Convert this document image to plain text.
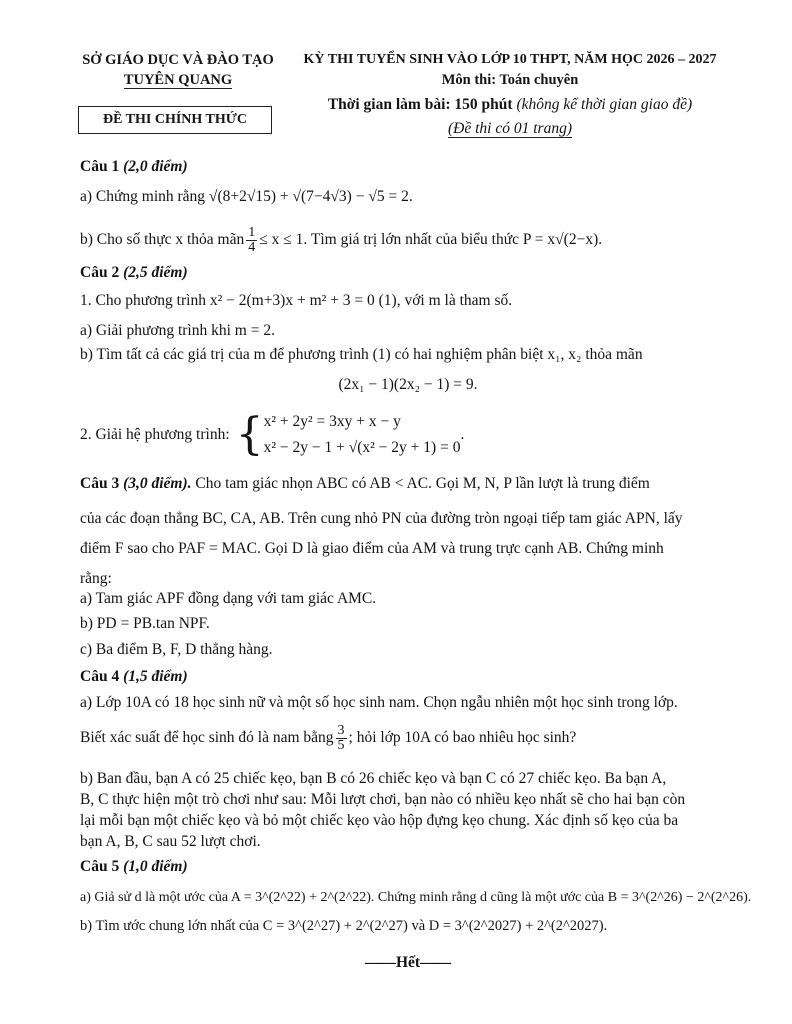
SỞ GIÁO DỤC VÀ ĐÀO TẠO
TUYÊN QUANG
ĐỀ THI CHÍNH THỨC
KỲ THI TUYỂN SINH VÀO LỚP 10 THPT, NĂM HỌC 2026 – 2027
Môn thi: Toán chuyên
Thời gian làm bài: 150 phút (không kể thời gian giao đề)
(Đề thi có 01 trang)
Câu 1 (2,0 điểm)
a) Chứng minh rằng √(8+2√15) + √(7−4√3) − √5 = 2.
b) Cho số thực x thỏa mãn $\frac{1}{4} \le x \le 1$. Tìm giá trị lớn nhất của biểu thức P = x√(2−x).
Câu 2 (2,5 điểm)
1. Cho phương trình x² − 2(m+3)x + m² + 3 = 0 (1), với m là tham số.
a) Giải phương trình khi m = 2.
b) Tìm tất cả các giá trị của m để phương trình (1) có hai nghiệm phân biệt x₁, x₂ thỏa mãn
(2x₁ − 1)(2x₂ − 1) = 9.
2. Giải hệ phương trình: { x² + 2y² = 3xy + x − y
x² − 2y − 1 + √(x² − 2y + 1) = 0
.
Câu 3 (3,0 điểm). Cho tam giác nhọn ABC có AB < AC. Gọi M, N, P lần lượt là trung điểm
của các đoạn thẳng BC, CA, AB. Trên cung nhỏ PN của đường tròn ngoại tiếp tam giác APN, lấy
điểm F sao cho PAF = MAC. Gọi D là giao điểm của AM và trung trực cạnh AB. Chứng minh
rằng:
a) Tam giác APF đồng dạng với tam giác AMC.
b) PD = PB.tan NPF.
c) Ba điểm B, F, D thẳng hàng.
Câu 4 (1,5 điểm)
a) Lớp 10A có 18 học sinh nữ và một số học sinh nam. Chọn ngẫu nhiên một học sinh trong lớp.
Biết xác suất để học sinh đó là nam bằng $\frac{3}{5}$ ; hỏi lớp 10A có bao nhiêu học sinh?
b) Ban đầu, bạn A có 25 chiếc kẹo, bạn B có 26 chiếc kẹo và bạn C có 27 chiếc kẹo. Ba bạn A,
B, C thực hiện một trò chơi như sau: Mỗi lượt chơi, bạn nào có nhiều kẹo nhất sẽ cho hai bạn còn
lại mỗi bạn một chiếc kẹo và bỏ một chiếc kẹo vào hộp đựng kẹo chung. Xác định số kẹo của ba
bạn A, B, C sau 52 lượt chơi.
Câu 5 (1,0 điểm)
a) Giả sử d là một ước của A = 3^(2^22) + 2^(2^22). Chứng minh rằng d cũng là một ước của B = 3^(2^26) − 2^(2^26).
b) Tìm ước chung lớn nhất của C = 3^(2^27) + 2^(2^27) và D = 3^(2^2027) + 2^(2^2027).
——Hết——
